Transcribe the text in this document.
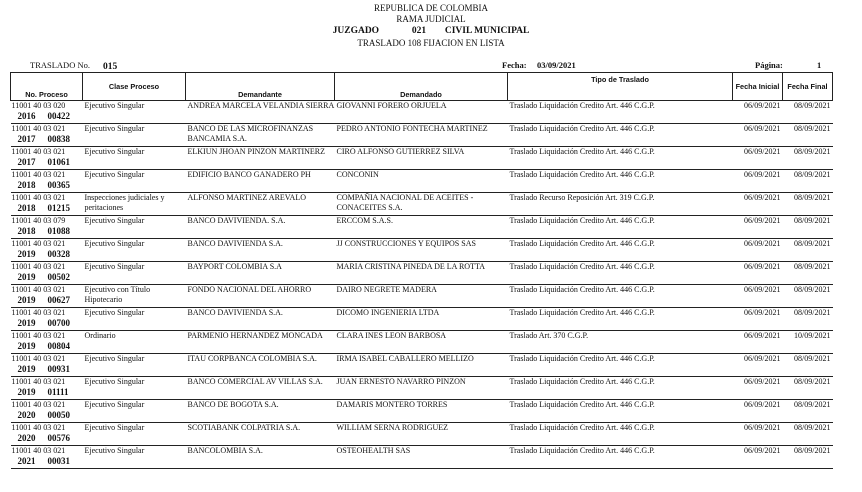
REPUBLICA DE COLOMBIA
RAMA JUDICIAL
JUZGADO	021 CIVIL MUNICIPAL
TRASLADO 108 FIJACION EN LISTA
TRASLADO No. 015	Fecha: 03/09/2021	Página:	1
No. Proceso	Clase Proceso	Demandante	Demandado	Tipo de Traslado	Fecha Inicial	Fecha Final

11001 40 03 020
2016 00422	Ejecutivo Singular	ANDREA MARCELA VELANDIA SIERRA	GIOVANNI FORERO ORJUELA	Traslado Liquidación Credito Art. 446 C.G.P.	06/09/2021	08/09/2021

11001 40 03 021
2017 00838	Ejecutivo Singular	BANCO DE LAS MICROFINANZAS BANCAMIA S.A.	PEDRO ANTONIO FONTECHA MARTINEZ	Traslado Liquidación Credito Art. 446 C.G.P.	06/09/2021	08/09/2021

11001 40 03 021
2017 01061	Ejecutivo Singular	ELKIUN JHOAN PINZON MARTINERZ	CIRO ALFONSO GUTIERREZ SILVA	Traslado Liquidación Credito Art. 446 C.G.P.	06/09/2021	08/09/2021

11001 40 03 021
2018 00365	Ejecutivo Singular	EDIFICIO BANCO GANADERO PH	CONCONIN	Traslado Liquidación Credito Art. 446 C.G.P.	06/09/2021	08/09/2021

11001 40 03 021
2018 01215	Inspecciones judiciales y peritaciones	ALFONSO MARTINEZ AREVALO	COMPAÑIA NACIONAL DE ACEITES - CONACEITES S.A.	Traslado Recurso Reposición Art. 319 C.G.P.	06/09/2021	08/09/2021

11001 40 03 079
2018 01088	Ejecutivo Singular	BANCO DAVIVIENDA. S.A.	ERCCOM S.A.S.	Traslado Liquidación Credito Art. 446 C.G.P.	06/09/2021	08/09/2021

11001 40 03 021
2019 00328	Ejecutivo Singular	BANCO DAVIVIENDA S.A.	JJ CONSTRUCCIONES Y EQUIPOS SAS	Traslado Liquidación Credito Art. 446 C.G.P.	06/09/2021	08/09/2021

11001 40 03 021
2019 00502	Ejecutivo Singular	BAYPORT COLOMBIA S.A	MARIA CRISTINA PINEDA DE LA ROTTA	Traslado Liquidación Credito Art. 446 C.G.P.	06/09/2021	08/09/2021

11001 40 03 021
2019 00627	Ejecutivo con Título Hipotecario	FONDO NACIONAL DEL AHORRO	DAIRO NEGRETE MADERA	Traslado Liquidación Credito Art. 446 C.G.P.	06/09/2021	08/09/2021

11001 40 03 021
2019 00700	Ejecutivo Singular	BANCO DAVIVIENDA S.A.	DICOMO INGENIERIA LTDA	Traslado Liquidación Credito Art. 446 C.G.P.	06/09/2021	08/09/2021

11001 40 03 021
2019 00804	Ordinario	PARMENIO HERNANDEZ MONCADA	CLARA INES LEON BARBOSA	Traslado Art. 370 C.G.P.	06/09/2021	10/09/2021

11001 40 03 021
2019 00931	Ejecutivo Singular	ITAU CORPBANCA COLOMBIA S.A.	IRMA ISABEL CABALLERO MELLIZO	Traslado Liquidación Credito Art. 446 C.G.P.	06/09/2021	08/09/2021

11001 40 03 021
2019 01111	Ejecutivo Singular	BANCO COMERCIAL AV VILLAS S.A.	JUAN ERNESTO NAVARRO PINZON	Traslado Liquidación Credito Art. 446 C.G.P.	06/09/2021	08/09/2021

11001 40 03 021
2020 00050	Ejecutivo Singular	BANCO DE BOGOTA S.A.	DAMARIS MONTERO TORRES	Traslado Liquidación Credito Art. 446 C.G.P.	06/09/2021	08/09/2021

11001 40 03 021
2020 00576	Ejecutivo Singular	SCOTIABANK COLPATRIA S.A.	WILLIAM SERNA RODRIGUEZ	Traslado Liquidación Credito Art. 446 C.G.P.	06/09/2021	08/09/2021

11001 40 03 021
2021 00031	Ejecutivo Singular	BANCOLOMBIA S.A.	OSTEOHEALTH SAS	Traslado Liquidación Credito Art. 446 C.G.P.	06/09/2021	08/09/2021
